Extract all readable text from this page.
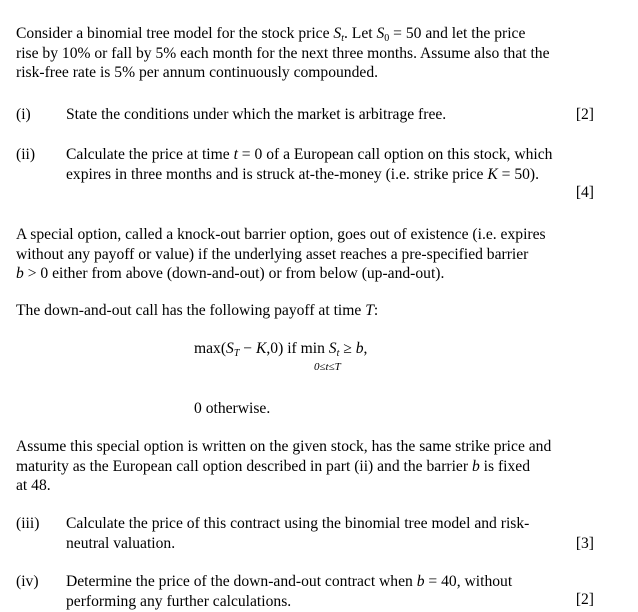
Consider a binomial tree model for the stock price $S_t$. Let $S_0 = 50$ and let the price
rise by 10% or fall by 5% each month for the next three months. Assume also that the
risk-free rate is 5% per annum continuously compounded.
(i) State the conditions under which the market is arbitrage free.	[2]
(ii) Calculate the price at time t = 0 of a European call option on this stock, which
expires in three months and is struck at-the-money (i.e. strike price K = 50).
[4]
A special option, called a knock-out barrier option, goes out of existence (i.e. expires
without any payoff or value) if the underlying asset reaches a pre-specified barrier
b > 0 either from above (down-and-out) or from below (up-and-out).
The down-and-out call has the following payoff at time T:
$\max(S_T - K,0)$ if $\min S_t \ge b$,
0≤t≤T
0 otherwise.
Assume this special option is written on the given stock, has the same strike price and
maturity as the European call option described in part (ii) and the barrier b is fixed
at 48.
(iii) Calculate the price of this contract using the binomial tree model and risk-
neutral valuation.	[3]
(iv) Determine the price of the down-and-out contract when b = 40, without
performing any further calculations.	[2]
